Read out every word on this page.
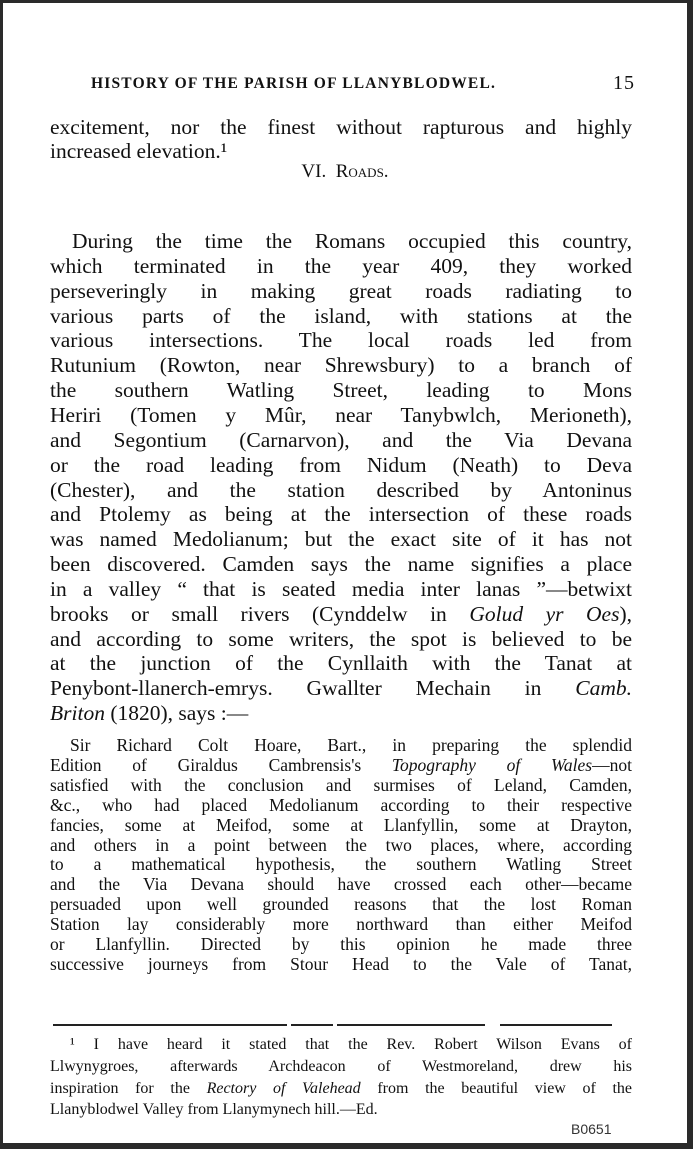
HISTORY OF THE PARISH OF LLANYBLODWEL.	15
excitement, nor the finest without rapturous and highly
increased elevation.¹
VI. Roads.
During the time the Romans occupied this country,
which terminated in the year 409, they worked
perseveringly in making great roads radiating to
various parts of the island, with stations at the
various intersections. The local roads led from
Rutunium (Rowton, near Shrewsbury) to a branch of
the southern Watling Street, leading to Mons
Heriri (Tomen y Mûr, near Tanybwlch, Merioneth),
and Segontium (Carnarvon), and the Via Devana
or the road leading from Nidum (Neath) to Deva
(Chester), and the station described by Antoninus
and Ptolemy as being at the intersection of these roads
was named Medolianum; but the exact site of it has not
been discovered. Camden says the name signifies a place
in a valley “ that is seated media inter lanas ”—betwixt
brooks or small rivers (Cynddelw in Golud yr Oes),
and according to some writers, the spot is believed to be
at the junction of the Cynllaith with the Tanat at
Penybont-llanerch-emrys. Gwallter Mechain in Camb.
Briton (1820), says :—
Sir Richard Colt Hoare, Bart., in preparing the splendid
Edition of Giraldus Cambrensis's Topography of Wales—not
satisfied with the conclusion and surmises of Leland, Camden,
&c., who had placed Medolianum according to their respective
fancies, some at Meifod, some at Llanfyllin, some at Drayton,
and others in a point between the two places, where, according
to a mathematical hypothesis, the southern Watling Street
and the Via Devana should have crossed each other—became
persuaded upon well grounded reasons that the lost Roman
Station lay considerably more northward than either Meifod
or Llanfyllin. Directed by this opinion he made three
successive journeys from Stour Head to the Vale of Tanat,
¹ I have heard it stated that the Rev. Robert Wilson Evans of
Llwynygroes, afterwards Archdeacon of Westmoreland, drew his
inspiration for the Rectory of Valehead from the beautiful view of the
Llanyblodwel Valley from Llanymynech hill.—Ed.
B0651
